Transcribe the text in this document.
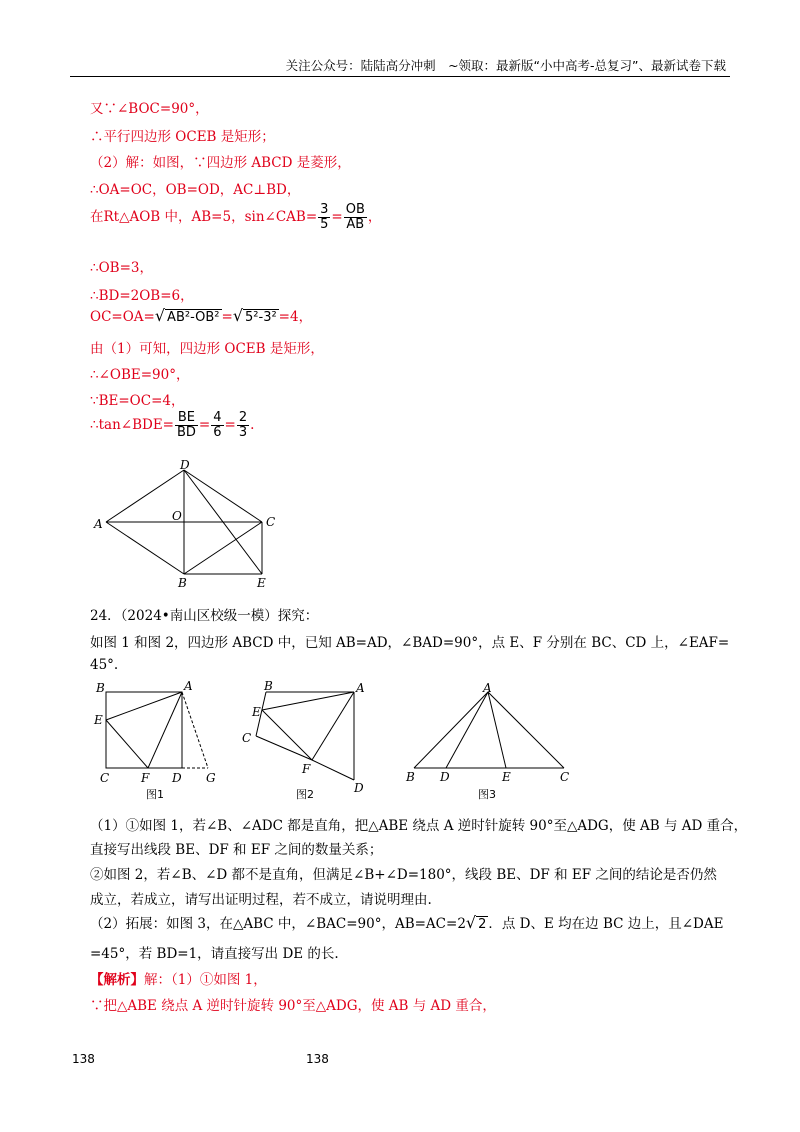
关注公众号：陆陆高分冲刺　~领取：最新版“小中高考-总复习”、最新试卷下载
又∵∠BOC=90°，
∴平行四边形 OCEB 是矩形；
（2）解：如图，∵四边形 ABCD 是菱形，
∴OA=OC，OB=OD，AC⊥BD，
在Rt△AOB 中，AB=5，sin∠CAB= $\frac{3}{5} = \frac{OB}{AB}$ ，
∴OB=3，
∴BD=2OB=6，
OC=OA=√ AB²-OB² =√ 5²-3² =4，
由（1）可知，四边形 OCEB 是矩形，
∴∠OBE=90°，
∵BE=OC=4，
∴tan∠BDE= $\frac{BE}{BD} = \frac{4}{6} = \frac{2}{3}$ .
D
A
O	C
B	E
24．（2024•南山区校级一模）探究：
如图 1 和图 2，四边形 ABCD 中，已知 AB=AD，∠BAD=90°，点 E、F 分别在 BC、CD 上，∠EAF=
45°.
B	A
E
C	F D G
图1
B	A
E
C
F
D
图2
A
B D	E	C
图3
（1）①如图 1，若∠B、∠ADC 都是直角，把△ABE 绕点 A 逆时针旋转 90°至△ADG，使 AB 与 AD 重合，
直接写出线段 BE、DF 和 EF 之间的数量关系；
②如图 2，若∠B、∠D 都不是直角，但满足∠B+∠D=180°，线段 BE、DF 和 EF 之间的结论是否仍然
成立，若成立，请写出证明过程，若不成立，请说明理由.
（2）拓展：如图 3，在△ABC 中，∠BAC=90°，AB=AC=2√ 2 ．点 D、E 均在边 BC 边上，且∠DAE
=45°，若 BD=1，请直接写出 DE 的长.
【解析】解：（1）①如图 1，
∵把△ABE 绕点 A 逆时针旋转 90°至△ADG，使 AB 与 AD 重合，
138	138
